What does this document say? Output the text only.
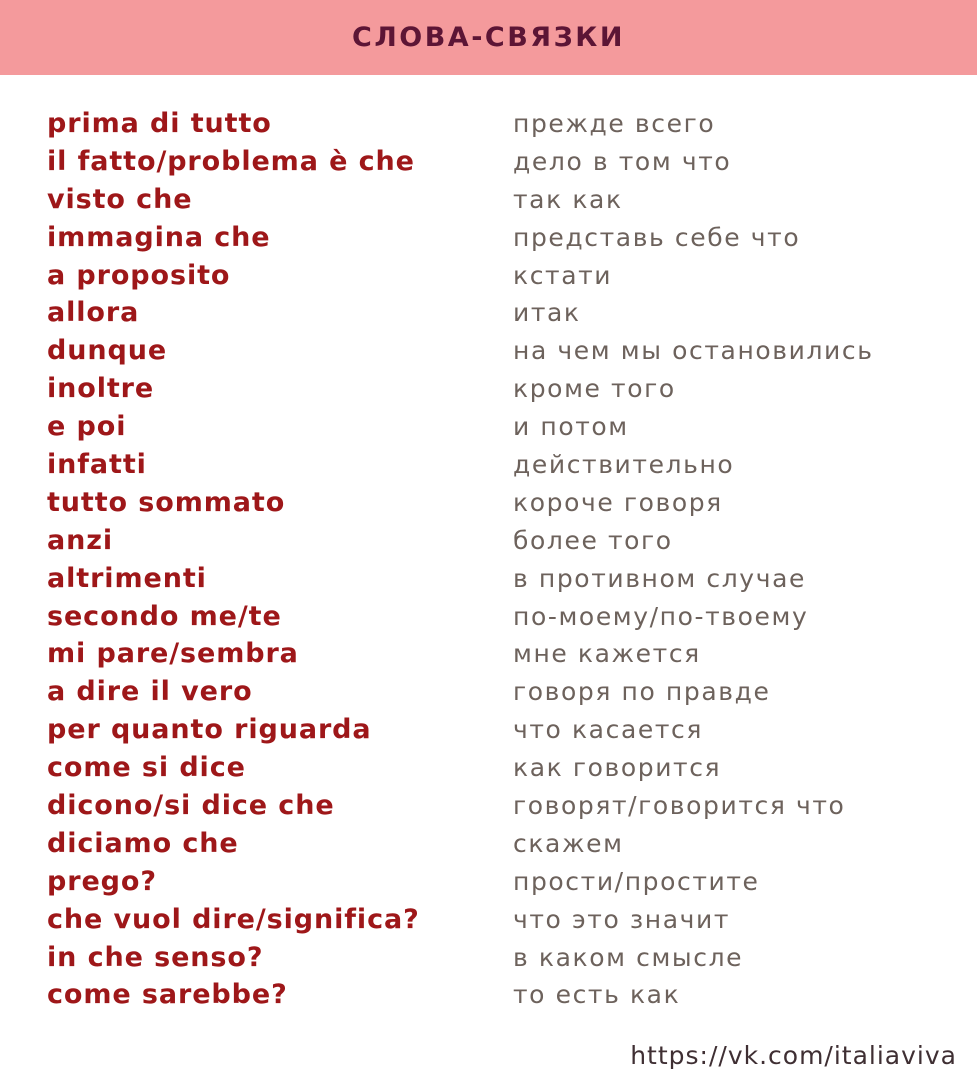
СЛОВА-СВЯЗКИ
prima di tutto	прежде всего
il fatto/problema è che	дело в том что
visto che	так как
immagina che	представь себе что
a proposito	кстати
allora	итак
dunque	на чем мы остановились
inoltre	кроме того
e poi	и потом
infatti	действительно
tutto sommato	короче говоря
anzi	более того
altrimenti	в противном случае
secondo me/te	по-моему/по-твоему
mi pare/sembra	мне кажется
a dire il vero	говоря по правде
per quanto riguarda	что касается
come si dice	как говорится
dicono/si dice che	говорят/говорится что
diciamo che	скажем
prego?	прости/простите
che vuol dire/significa?	что это значит
in che senso?	в каком смысле
come sarebbe?	то есть как
https://vk.com/italiaviva
